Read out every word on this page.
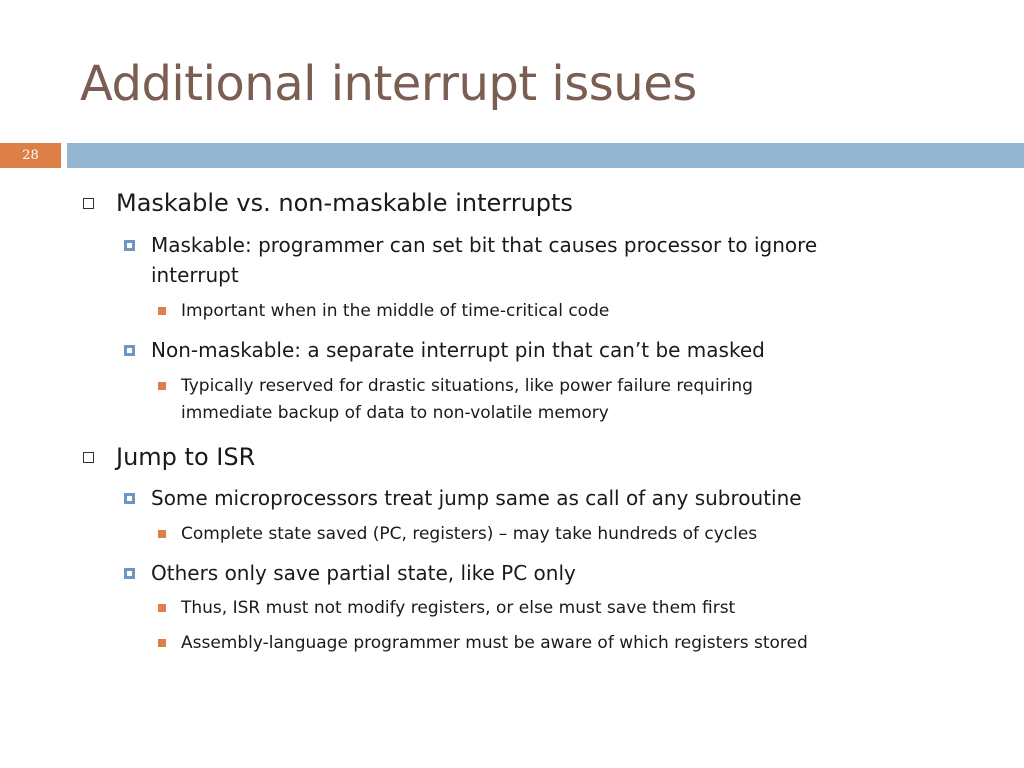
Additional interrupt issues
28
Maskable vs. non-maskable interrupts
Maskable: programmer can set bit that causes processor to ignore
interrupt
Important when in the middle of time-critical code
Non-maskable: a separate interrupt pin that can’t be masked
Typically reserved for drastic situations, like power failure requiring
immediate backup of data to non-volatile memory
Jump to ISR
Some microprocessors treat jump same as call of any subroutine
Complete state saved (PC, registers) – may take hundreds of cycles
Others only save partial state, like PC only
Thus, ISR must not modify registers, or else must save them first
Assembly-language programmer must be aware of which registers stored
